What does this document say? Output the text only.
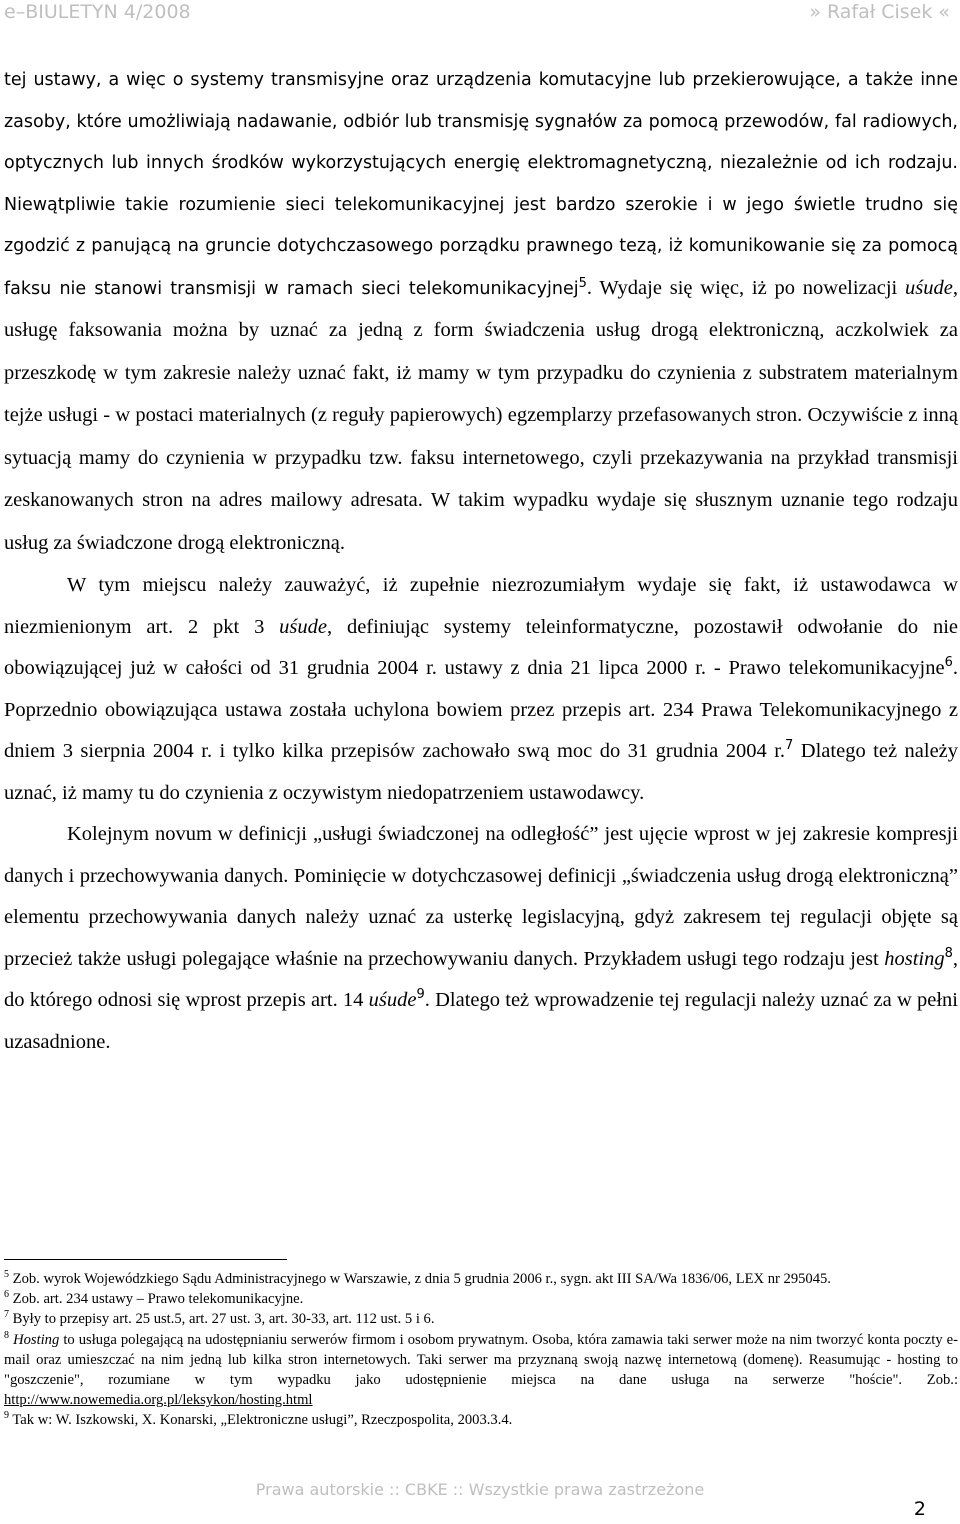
e–BIULETYN 4/2008	» Rafał Cisek «

tej ustawy, a więc o systemy transmisyjne oraz urządzenia komutacyjne lub przekierowujące, a także inne zasoby, które umożliwiają nadawanie, odbiór lub transmisję sygnałów za pomocą przewodów, fal radiowych, optycznych lub innych środków wykorzystujących energię elektromagnetyczną, niezależnie od ich rodzaju. Niewątpliwie takie rozumienie sieci telekomunikacyjnej jest bardzo szerokie i w jego świetle trudno się zgodzić z panującą na gruncie dotychczasowego porządku prawnego tezą, iż komunikowanie się za pomocą faksu nie stanowi transmisji w ramach sieci telekomunikacyjnej$^5$. Wydaje się więc, iż po nowelizacji uśude, usługę faksowania można by uznać za jedną z form świadczenia usług drogą elektroniczną, aczkolwiek za przeszkodę w tym zakresie należy uznać fakt, iż mamy w tym przypadku do czynienia z substratem materialnym tejże usługi - w postaci materialnych (z reguły papierowych) egzemplarzy przefasowanych stron. Oczywiście z inną sytuacją mamy do czynienia w przypadku tzw. faksu internetowego, czyli przekazywania na przykład transmisji zeskanowanych stron na adres mailowy adresata. W takim wypadku wydaje się słusznym uznanie tego rodzaju usług za świadczone drogą elektroniczną.

W tym miejscu należy zauważyć, iż zupełnie niezrozumiałym wydaje się fakt, iż ustawodawca w niezmienionym art. 2 pkt 3 uśude, definiując systemy teleinformatyczne, pozostawił odwołanie do nie obowiązującej już w całości od 31 grudnia 2004 r. ustawy z dnia 21 lipca 2000 r. - Prawo telekomunikacyjne$^6$. Poprzednio obowiązująca ustawa została uchylona bowiem przez przepis art. 234 Prawa Telekomunikacyjnego z dniem 3 sierpnia 2004 r. i tylko kilka przepisów zachowało swą moc do 31 grudnia 2004 r.$^7$ Dlatego też należy uznać, iż mamy tu do czynienia z oczywistym niedopatrzeniem ustawodawcy.

Kolejnym novum w definicji „usługi świadczonej na odległość” jest ujęcie wprost w jej zakresie kompresji danych i przechowywania danych. Pominięcie w dotychczasowej definicji „świadczenia usług drogą elektroniczną” elementu przechowywania danych należy uznać za usterkę legislacyjną, gdyż zakresem tej regulacji objęte są przecież także usługi polegające właśnie na przechowywaniu danych. Przykładem usługi tego rodzaju jest hosting$^8$, do którego odnosi się wprost przepis art. 14 uśude$^9$. Dlatego też wprowadzenie tej regulacji należy uznać za w pełni uzasadnione.

$^5$ Zob. wyrok Wojewódzkiego Sądu Administracyjnego w Warszawie, z dnia 5 grudnia 2006 r., sygn. akt III SA/Wa 1836/06, LEX nr 295045.

$^6$ Zob. art. 234 ustawy – Prawo telekomunikacyjne.

$^7$ Były to przepisy art. 25 ust.5, art. 27 ust. 3, art. 30-33, art. 112 ust. 5 i 6.

$^8$ Hosting to usługa polegającą na udostępnianiu serwerów firmom i osobom prywatnym. Osoba, która zamawia taki serwer może na nim tworzyć konta poczty e-mail oraz umieszczać na nim jedną lub kilka stron internetowych. Taki serwer ma przyznaną swoją nazwę internetową (domenę). Reasumując - hosting to "goszczenie", rozumiane w tym wypadku jako udostępnienie miejsca na dane usługa na serwerze "hoście". Zob.: http://www.nowemedia.org.pl/leksykon/hosting.html

$^9$ Tak w: W. Iszkowski, X. Konarski, „Elektroniczne usługi”, Rzeczpospolita, 2003.3.4.

Prawa autorskie :: CBKE :: Wszystkie prawa zastrzeżone
2
